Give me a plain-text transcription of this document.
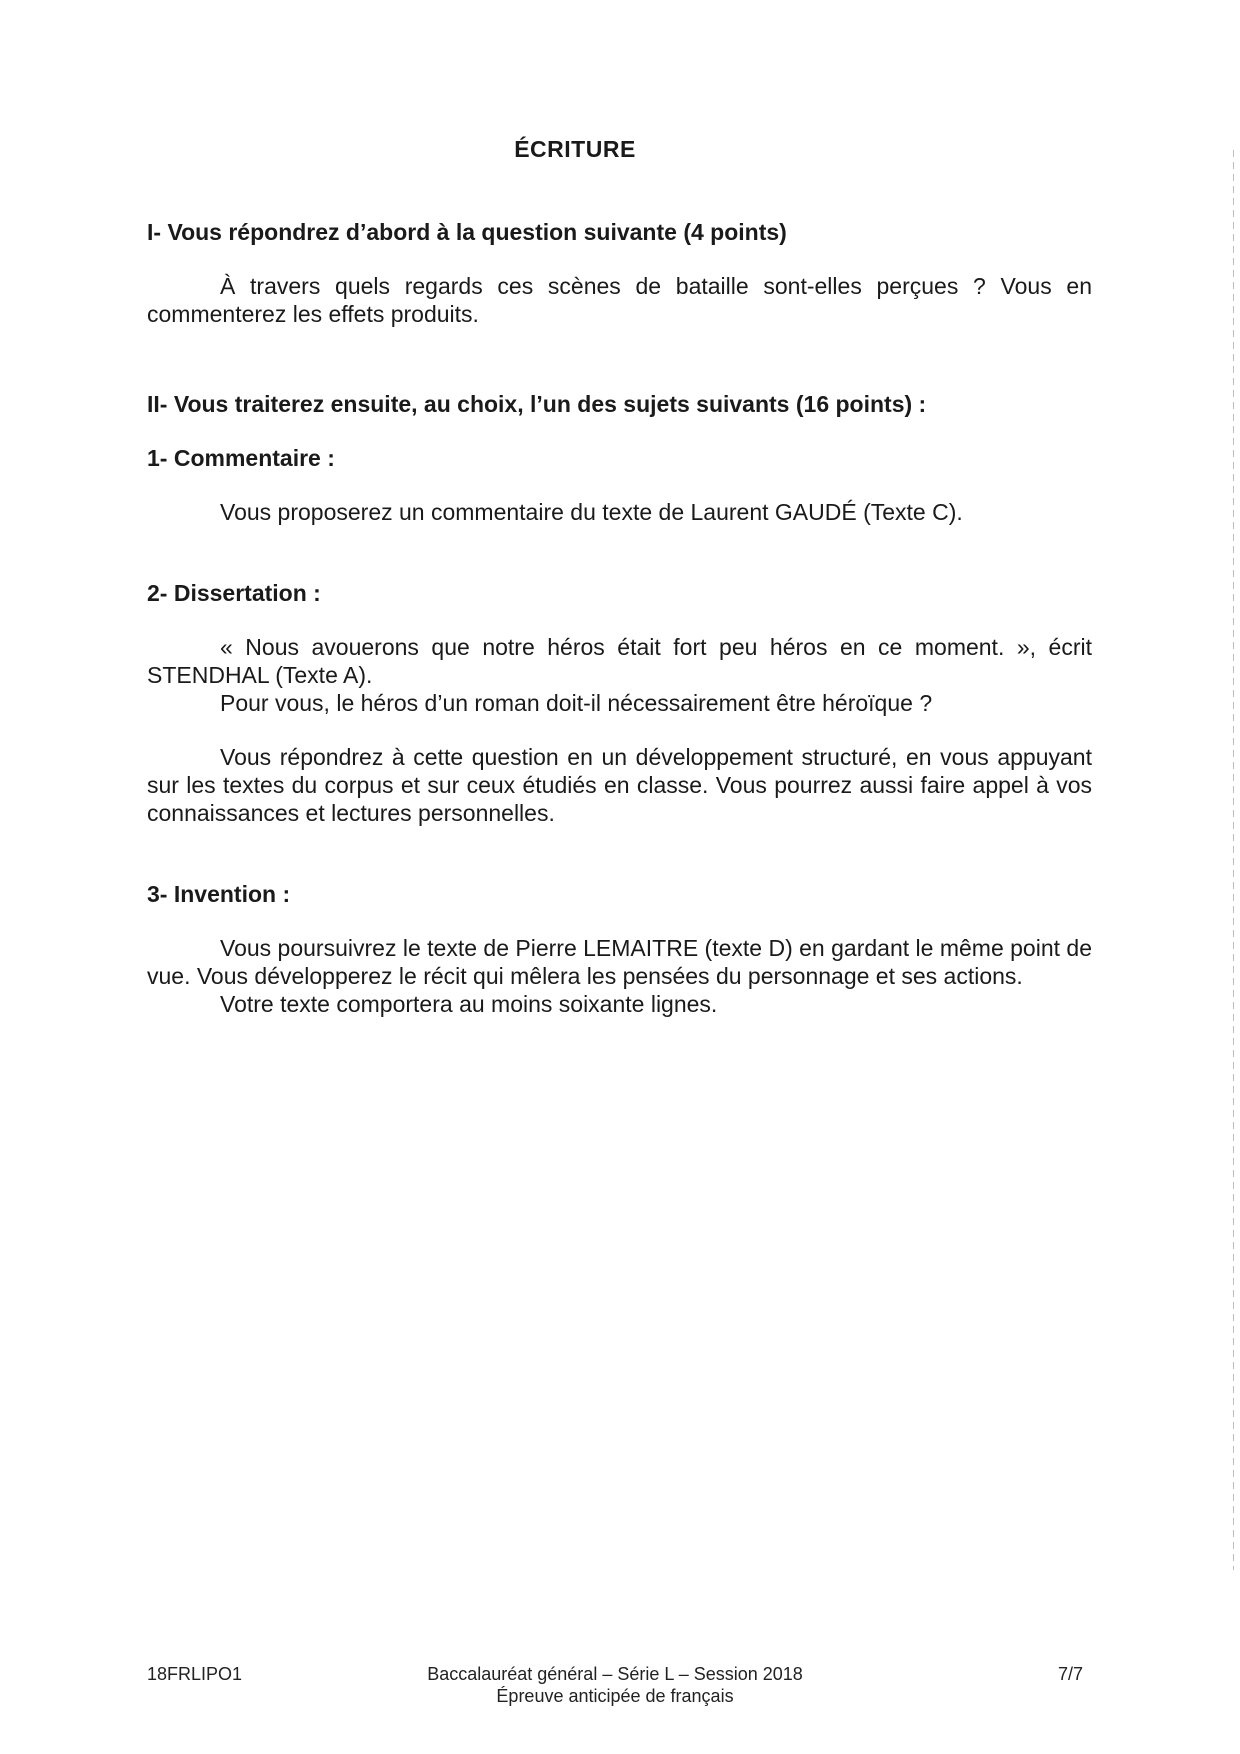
ÉCRITURE

I- Vous répondrez d’abord à la question suivante (4 points)

À travers quels regards ces scènes de bataille sont-elles perçues ? Vous en commenterez les effets produits.

II- Vous traiterez ensuite, au choix, l’un des sujets suivants (16 points) :

1- Commentaire :

Vous proposerez un commentaire du texte de Laurent GAUDÉ (Texte C).

2- Dissertation :

« Nous avouerons que notre héros était fort peu héros en ce moment. », écrit STENDHAL (Texte A).

Pour vous, le héros d’un roman doit-il nécessairement être héroïque ?

Vous répondrez à cette question en un développement structuré, en vous appuyant sur les textes du corpus et sur ceux étudiés en classe. Vous pourrez aussi faire appel à vos connaissances et lectures personnelles.

3- Invention :

Vous poursuivrez le texte de Pierre LEMAITRE (texte D) en gardant le même point de vue. Vous développerez le récit qui mêlera les pensées du personnage et ses actions.

Votre texte comportera au moins soixante lignes.

18FRLIPO1	Baccalauréat général – Série L – Session 2018
Épreuve anticipée de français
7/7
